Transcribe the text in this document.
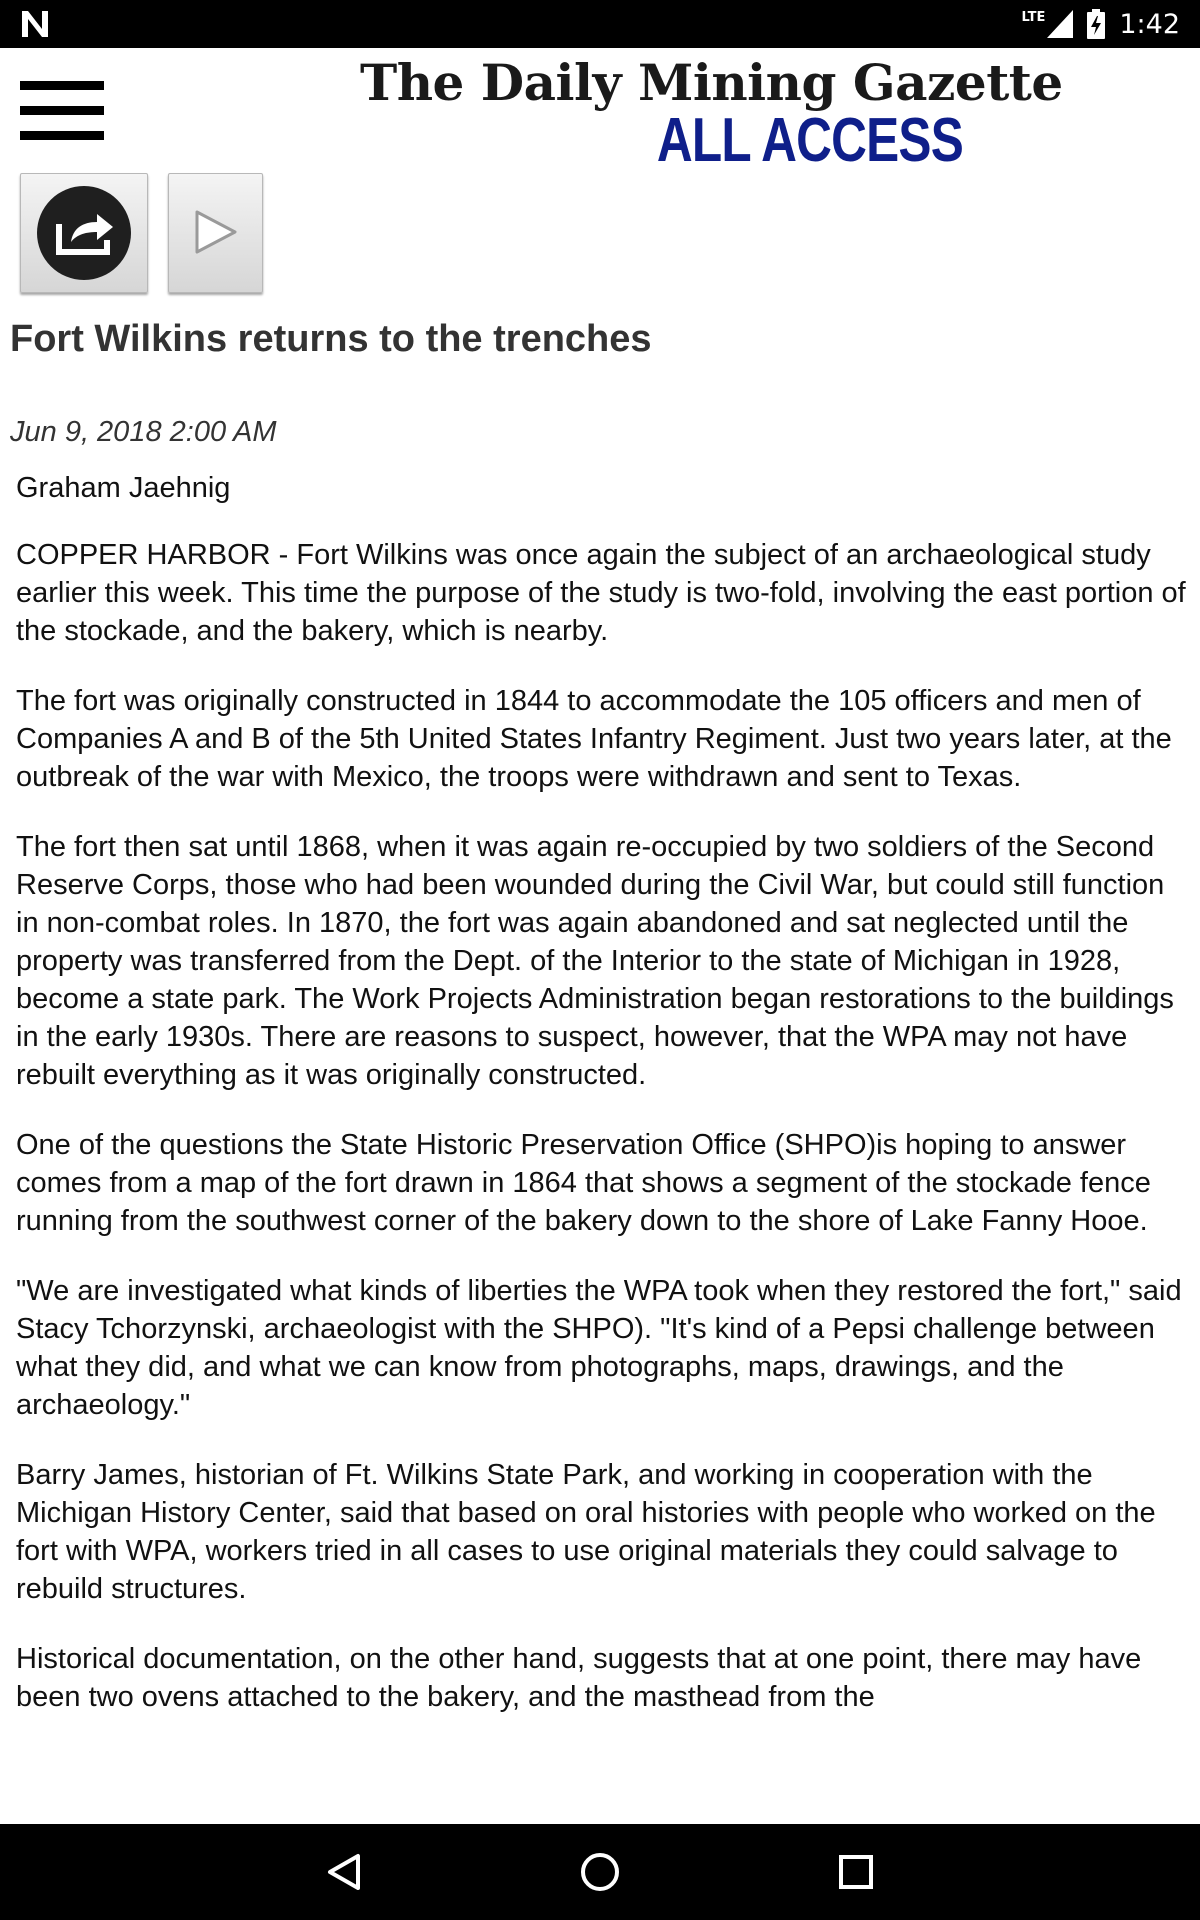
LTE	1:42
The Daily Mining Gazette
ALL ACCESS
Fort Wilkins returns to the trenches
Jun 9, 2018 2:00 AM
Graham Jaehnig

COPPER HARBOR - Fort Wilkins was once again the subject of an archaeological study earlier this week. This time the purpose of the study is two-fold, involving the east portion of the stockade, and the bakery, which is nearby.

The fort was originally constructed in 1844 to accommodate the 105 officers and men of Companies A and B of the 5th United States Infantry Regiment. Just two years later, at the outbreak of the war with Mexico, the troops were withdrawn and sent to Texas.

The fort then sat until 1868, when it was again re-occupied by two soldiers of the Second Reserve Corps, those who had been wounded during the Civil War, but could still function in non-combat roles. In 1870, the fort was again abandoned and sat neglected until the property was transferred from the Dept. of the Interior to the state of Michigan in 1928, become a state park. The Work Projects Administration began restorations to the buildings in the early 1930s. There are reasons to suspect, however, that the WPA may not have rebuilt everything as it was originally constructed.

One of the questions the State Historic Preservation Office (SHPO)is hoping to answer comes from a map of the fort drawn in 1864 that shows a segment of the stockade fence running from the southwest corner of the bakery down to the shore of Lake Fanny Hooe.

"We are investigated what kinds of liberties the WPA took when they restored the fort," said Stacy Tchorzynski, archaeologist with the SHPO). "It's kind of a Pepsi challenge between what they did, and what we can know from photographs, maps, drawings, and the archaeology."

Barry James, historian of Ft. Wilkins State Park, and working in cooperation with the Michigan History Center, said that based on oral histories with people who worked on the fort with WPA, workers tried in all cases to use original materials they could salvage to rebuild structures.

Historical documentation, on the other hand, suggests that at one point, there may have been two ovens attached to the bakery, and the masthead from the
